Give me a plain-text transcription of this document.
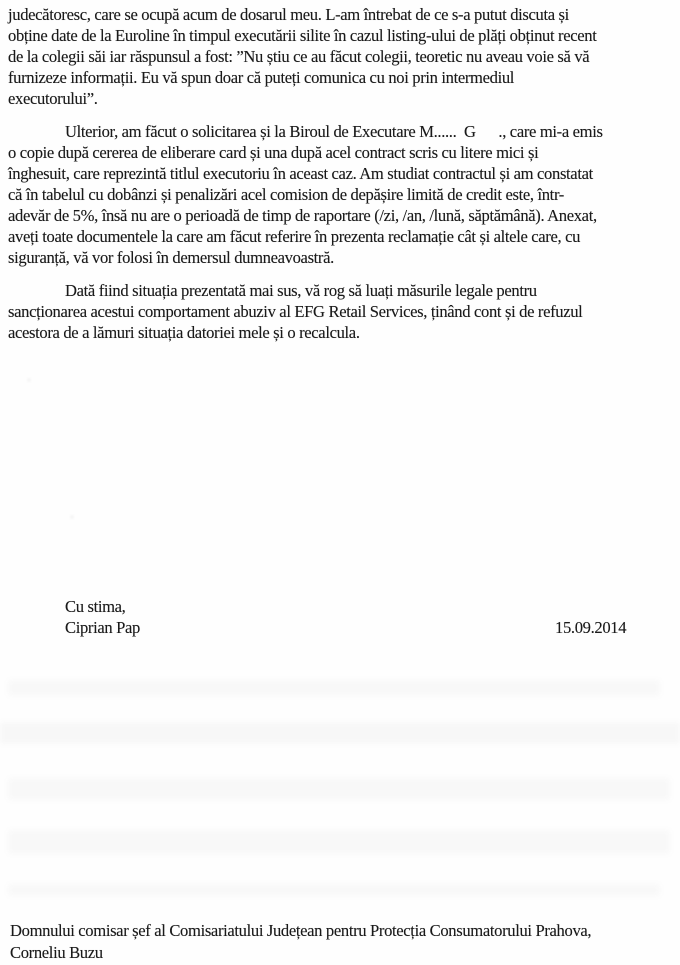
judecătoresc, care se ocupă acum de dosarul meu. L-am întrebat de ce s-a putut discuta și
obține date de la Euroline în timpul executării silite în cazul listing-ului de plăți obținut recent
de la colegii săi iar răspunsul a fost: ”Nu știu ce au făcut colegii, teoretic nu aveau voie să vă
furnizeze informații. Eu vă spun doar că puteți comunica cu noi prin intermediul
executorului”.
Ulterior, am făcut o solicitarea și la Biroul de Executare M......  G      ., care mi-a emis
o copie după cererea de eliberare card și una după acel contract scris cu litere mici și
înghesuit, care reprezintă titlul executoriu în aceast caz. Am studiat contractul și am constatat
că în tabelul cu dobânzi și penalizări acel comision de depășire limită de credit este, într-
adevăr de 5%, însă nu are o perioadă de timp de raportare (/zi, /an, /lună, săptămână). Anexat,
aveți toate documentele la care am făcut referire în prezenta reclamație cât și altele care, cu
siguranță, vă vor folosi în demersul dumneavoastră.
Dată fiind situația prezentată mai sus, vă rog să luați măsurile legale pentru
sancționarea acestui comportament abuziv al EFG Retail Services, ținând cont și de refuzul
acestora de a lămuri situația datoriei mele și o recalcula.
Cu stima,
Ciprian Pap	15.09.2014
Domnului comisar șef al Comisariatului Județean pentru Protecția Consumatorului Prahova,
Corneliu Buzu
